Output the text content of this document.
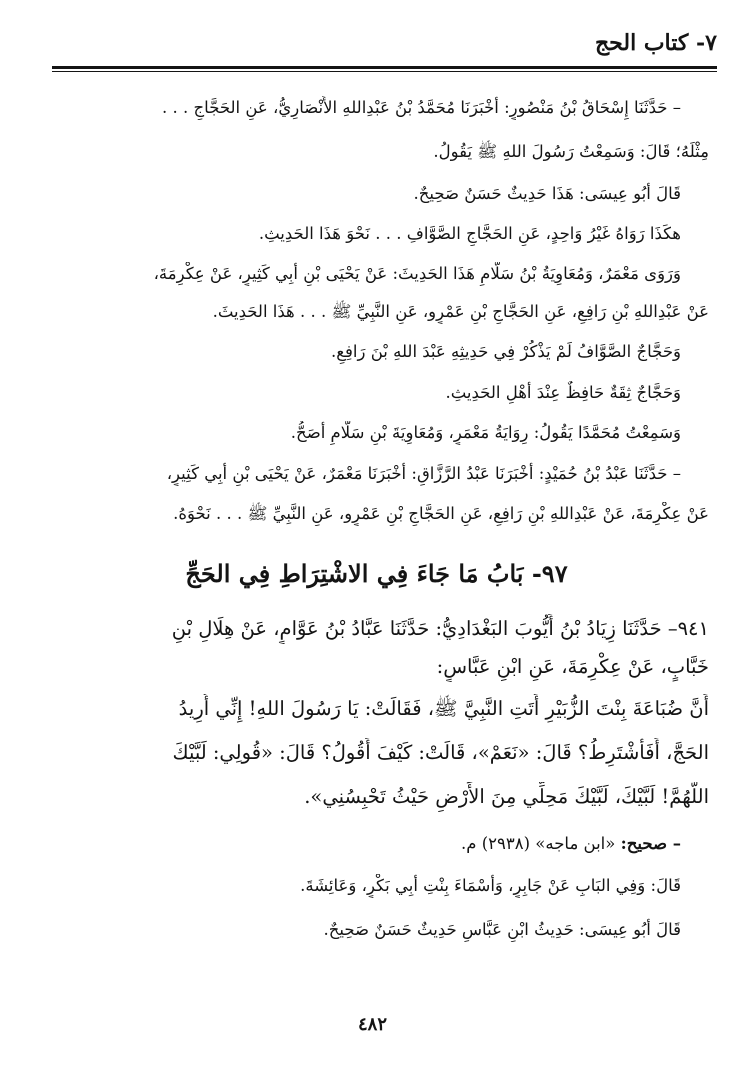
٧- كتاب الحج
– حَدَّثَنَا إِسْحَاقُ بْنُ مَنْصُورٍ: أَخْبَرَنَا مُحَمَّدُ بْنُ عَبْدِاللهِ الأَنْصَارِيُّ، عَنِ الحَجَّاجِ . . .
مِثْلَهُ؛ قَالَ: وَسَمِعْتُ رَسُولَ اللهِ ﷺ يَقُولُ.
قَالَ أَبُو عِيسَى: هَذَا حَدِيثٌ حَسَنٌ صَحِيحٌ.
هكَذَا رَوَاهُ غَيْرُ وَاحِدٍ، عَنِ الحَجَّاجِ الصَّوَّافِ . . . نَحْوَ هَذَا الحَدِيثِ.
وَرَوَى مَعْمَرٌ، وَمُعَاوِيَةُ بْنُ سَلَّامٍ هَذَا الحَدِيثَ: عَنْ يَحْيَى بْنِ أَبِي كَثِيرٍ، عَنْ عِكْرِمَةَ،
عَنْ عَبْدِاللهِ بْنِ رَافِعٍ، عَنِ الحَجَّاجِ بْنِ عَمْرٍو، عَنِ النَّبِيِّ ﷺ . . . هَذَا الحَدِيثَ.
وَحَجَّاجٌ الصَّوَّافُ لَمْ يَذْكُرْ فِي حَدِيثِهِ عَبْدَ اللهِ بْنَ رَافِعٍ.
وَحَجَّاجٌ ثِقَةٌ حَافِظٌ عِنْدَ أَهْلِ الحَدِيثِ.
وَسَمِعْتُ مُحَمَّدًا يَقُولُ: رِوَايَةُ مَعْمَرٍ، وَمُعَاوِيَةَ بْنِ سَلَّامٍ أَصَحُّ.
– حَدَّثَنَا عَبْدُ بْنُ حُمَيْدٍ: أَخْبَرَنَا عَبْدُ الرَّزَّاقِ: أَخْبَرَنَا مَعْمَرٌ، عَنْ يَحْيَى بْنِ أَبِي كَثِيرٍ،
عَنْ عِكْرِمَةَ، عَنْ عَبْدِاللهِ بْنِ رَافِعٍ، عَنِ الحَجَّاجِ بْنِ عَمْرٍو، عَنِ النَّبِيِّ ﷺ . . . نَحْوَهُ.
٩٧- بَابُ مَا جَاءَ فِي الاشْتِرَاطِ فِي الحَجِّ
٩٤١– حَدَّثَنَا زِيَادُ بْنُ أَيُّوبَ البَغْدَادِيُّ: حَدَّثَنَا عَبَّادُ بْنُ عَوَّامٍ، عَنْ هِلَالِ بْنِ
خَبَّابٍ، عَنْ عِكْرِمَةَ، عَنِ ابْنِ عَبَّاسٍ:
أَنَّ ضُبَاعَةَ بِنْتَ الزُّبَيْرِ أَتَتِ النَّبِيَّ ﷺ، فَقَالَتْ: يَا رَسُولَ اللهِ! إِنِّي أُرِيدُ
الحَجَّ، أَفَأَشْتَرِطُ؟ قَالَ: «نَعَمْ»، قَالَتْ: كَيْفَ أَقُولُ؟ قَالَ: «قُولِي: لَبَّيْكَ
اللَّهُمَّ! لَبَّيْكَ، لَبَّيْكَ مَحِلِّي مِنَ الأَرْضِ حَيْثُ تَحْبِسُنِي».
– صحيح: «ابن ماجه» (٢٩٣٨) م.
قَالَ: وَفِي البَابِ عَنْ جَابِرٍ، وَأَسْمَاءَ بِنْتِ أَبِي بَكْرٍ، وَعَائِشَةَ.
قَالَ أَبُو عِيسَى: حَدِيثُ ابْنِ عَبَّاسٍ حَدِيثٌ حَسَنٌ صَحِيحٌ.
٤٨٢
